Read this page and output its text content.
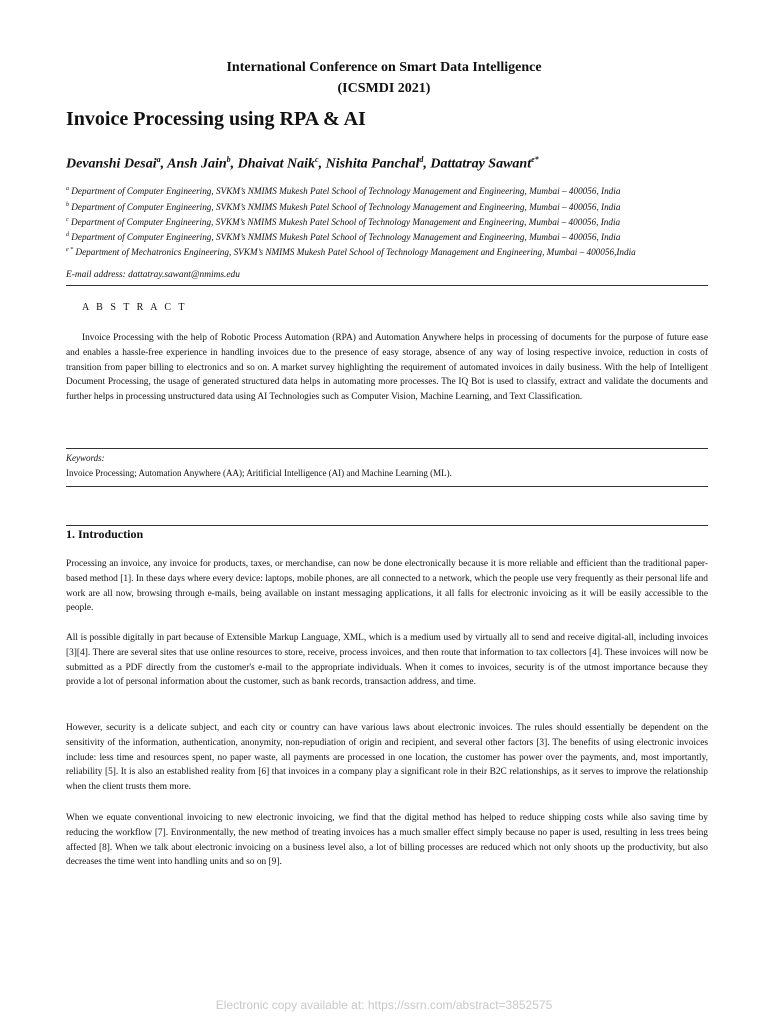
International Conference on Smart Data Intelligence
(ICSMDI 2021)
Invoice Processing using RPA & AI
Devanshi Desai$^a$, Ansh Jain$^b$, Dhaivat Naik$^c$, Nishita Panchal$^d$, Dattatray Sawant$^{e*}$
$^a$ Department of Computer Engineering, SVKM’s NMIMS Mukesh Patel School of Technology Management and Engineering, Mumbai – 400056, India
$^b$ Department of Computer Engineering, SVKM’s NMIMS Mukesh Patel School of Technology Management and Engineering, Mumbai – 400056, India
$^c$ Department of Computer Engineering, SVKM’s NMIMS Mukesh Patel School of Technology Management and Engineering, Mumbai – 400056, India
$^d$ Department of Computer Engineering, SVKM’s NMIMS Mukesh Patel School of Technology Management and Engineering, Mumbai – 400056, India
$^{e *}$ Department of Mechatronics Engineering, SVKM’s NMIMS Mukesh Patel School of Technology Management and Engineering, Mumbai – 400056,India
E-mail address: dattatray.sawant@nmims.edu
A B S T R A C T
Invoice Processing with the help of Robotic Process Automation (RPA) and Automation Anywhere helps in processing of documents for the purpose of future ease and enables a hassle-free experience in handling invoices due to the presence of easy storage, absence of any way of losing respective invoice, reduction in costs of transition from paper billing to electronics and so on. A market survey highlighting the requirement of automated invoices in daily business. With the help of Intelligent Document Processing, the usage of generated structured data helps in automating more processes. The IQ Bot is used to classify, extract and validate the documents and further helps in processing unstructured data using AI Technologies such as Computer Vision, Machine Learning, and Text Classification.
Keywords:
Invoice Processing; Automation Anywhere (AA); Aritificial Intelligence (AI) and Machine Learning (ML).
1. Introduction
Processing an invoice, any invoice for products, taxes, or merchandise, can now be done electronically because it is more reliable and efficient than the traditional paper-based method [1]. In these days where every device: laptops, mobile phones, are all connected to a network, which the people use very frequently as their personal life and work are all now, browsing through e-mails, being available on instant messaging applications, it all falls for electronic invoicing as it will be easily accessible to the people.
All is possible digitally in part because of Extensible Markup Language, XML, which is a medium used by virtually all to send and receive digital-all, including invoices [3][4]. There are several sites that use online resources to store, receive, process invoices, and then route that information to tax collectors [4]. These invoices will now be submitted as a PDF directly from the customer's e-mail to the appropriate individuals. When it comes to invoices, security is of the utmost importance because they provide a lot of personal information about the customer, such as bank records, transaction address, and time.
However, security is a delicate subject, and each city or country can have various laws about electronic invoices. The rules should essentially be dependent on the sensitivity of the information, authentication, anonymity, non-repudiation of origin and recipient, and several other factors [3]. The benefits of using electronic invoices include: less time and resources spent, no paper waste, all payments are processed in one location, the customer has power over the payments, and, most importantly, reliability [5]. It is also an established reality from [6] that invoices in a company play a significant role in their B2C relationships, as it serves to improve the relationship when the client trusts them more.
When we equate conventional invoicing to new electronic invoicing, we find that the digital method has helped to reduce shipping costs while also saving time by reducing the workflow [7]. Environmentally, the new method of treating invoices has a much smaller effect simply because no paper is used, resulting in less trees being affected [8]. When we talk about electronic invoicing on a business level also, a lot of billing processes are reduced which not only shoots up the productivity, but also decreases the time went into handling units and so on [9].
Electronic copy available at: https://ssrn.com/abstract=3852575
